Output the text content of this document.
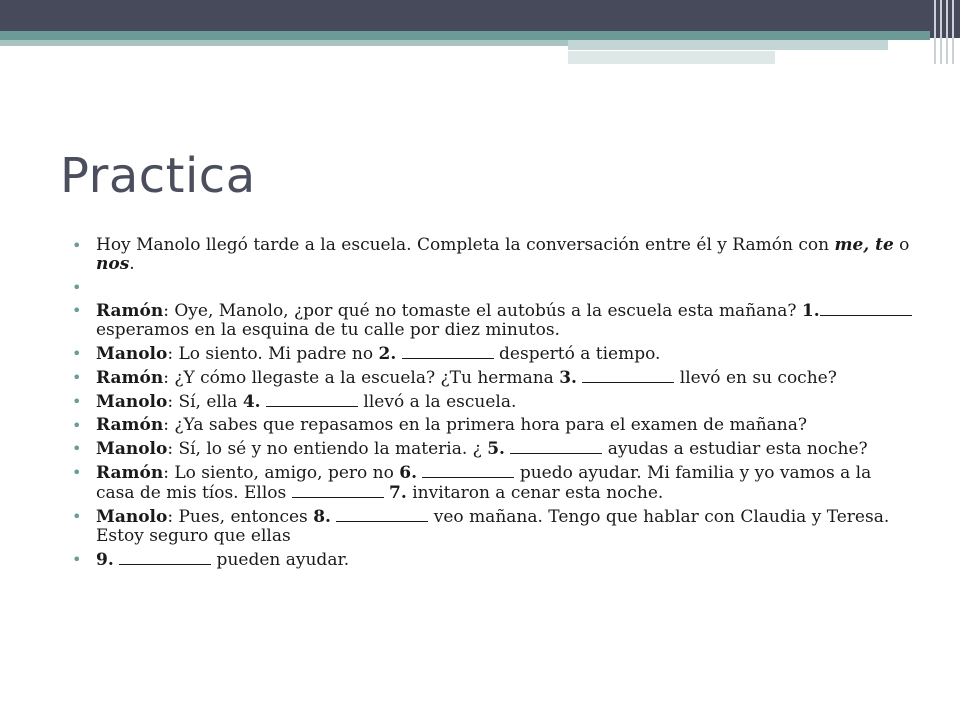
Practica
• Hoy Manolo llegó tarde a la escuela. Completa la conversación entre él y Ramón con me, te o nos.
•
• Ramón: Oye, Manolo, ¿por qué no tomaste el autobús a la escuela esta mañana? 1. esperamos en la esquina de tu calle por diez minutos.
• Manolo: Lo siento. Mi padre no 2.	despertó a tiempo.
• Ramón: ¿Y cómo llegaste a la escuela? ¿Tu hermana 3.	llevó en su coche?
• Manolo: Sí, ella 4.	llevó a la escuela.
• Ramón: ¿Ya sabes que repasamos en la primera hora para el examen de mañana?
• Manolo: Sí, lo sé y no entiendo la materia. ¿ 5.	ayudas a estudiar esta noche?
• Ramón: Lo siento, amigo, pero no 6.	puedo ayudar. Mi familia y yo vamos a la casa de mis tíos. Ellos	7. invitaron a cenar esta noche.
• Manolo: Pues, entonces 8.	veo mañana. Tengo que hablar con Claudia y Teresa. Estoy seguro que ellas
• 9.	pueden ayudar.
